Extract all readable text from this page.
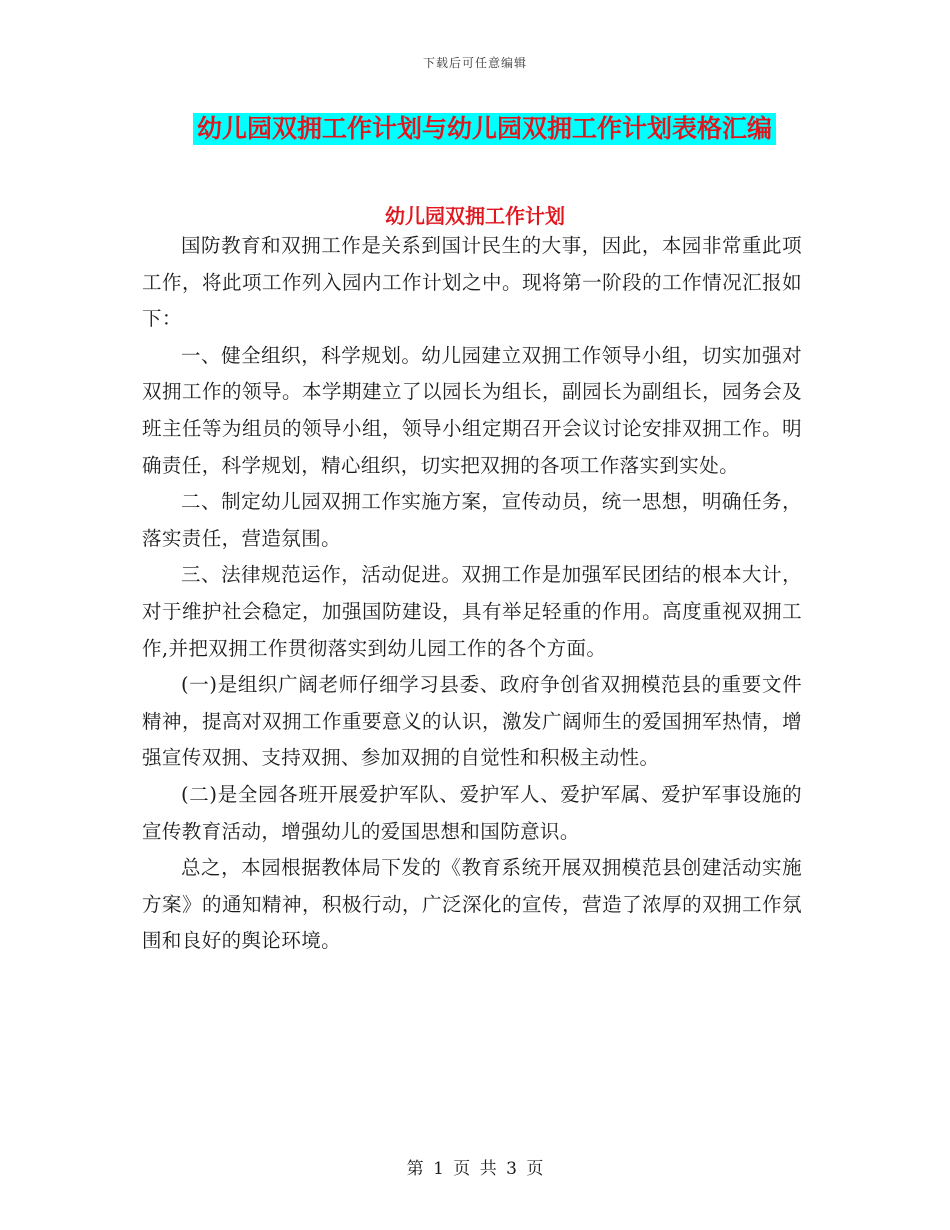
下载后可任意编辑
幼儿园双拥工作计划与幼儿园双拥工作计划表格汇编
幼儿园双拥工作计划

国防教育和双拥工作是关系到国计民生的大事，因此，本园非常重此项工作，将此项工作列入园内工作计划之中。现将第一阶段的工作情况汇报如下：

一、健全组织，科学规划。幼儿园建立双拥工作领导小组，切实加强对双拥工作的领导。本学期建立了以园长为组长，副园长为副组长，园务会及班主任等为组员的领导小组，领导小组定期召开会议讨论安排双拥工作。明确责任，科学规划，精心组织，切实把双拥的各项工作落实到实处。

二、制定幼儿园双拥工作实施方案，宣传动员，统一思想，明确任务，落实责任，营造氛围。

三、法律规范运作，活动促进。双拥工作是加强军民团结的根本大计，对于维护社会稳定，加强国防建设，具有举足轻重的作用。高度重视双拥工作,并把双拥工作贯彻落实到幼儿园工作的各个方面。

(一)是组织广阔老师仔细学习县委、政府争创省双拥模范县的重要文件精神，提高对双拥工作重要意义的认识，激发广阔师生的爱国拥军热情，增强宣传双拥、支持双拥、参加双拥的自觉性和积极主动性。

(二)是全园各班开展爱护军队、爱护军人、爱护军属、爱护军事设施的宣传教育活动，增强幼儿的爱国思想和国防意识。

总之，本园根据教体局下发的《教育系统开展双拥模范县创建活动实施方案》的通知精神，积极行动，广泛深化的宣传，营造了浓厚的双拥工作氛围和良好的舆论环境。

第 1 页 共 3 页
